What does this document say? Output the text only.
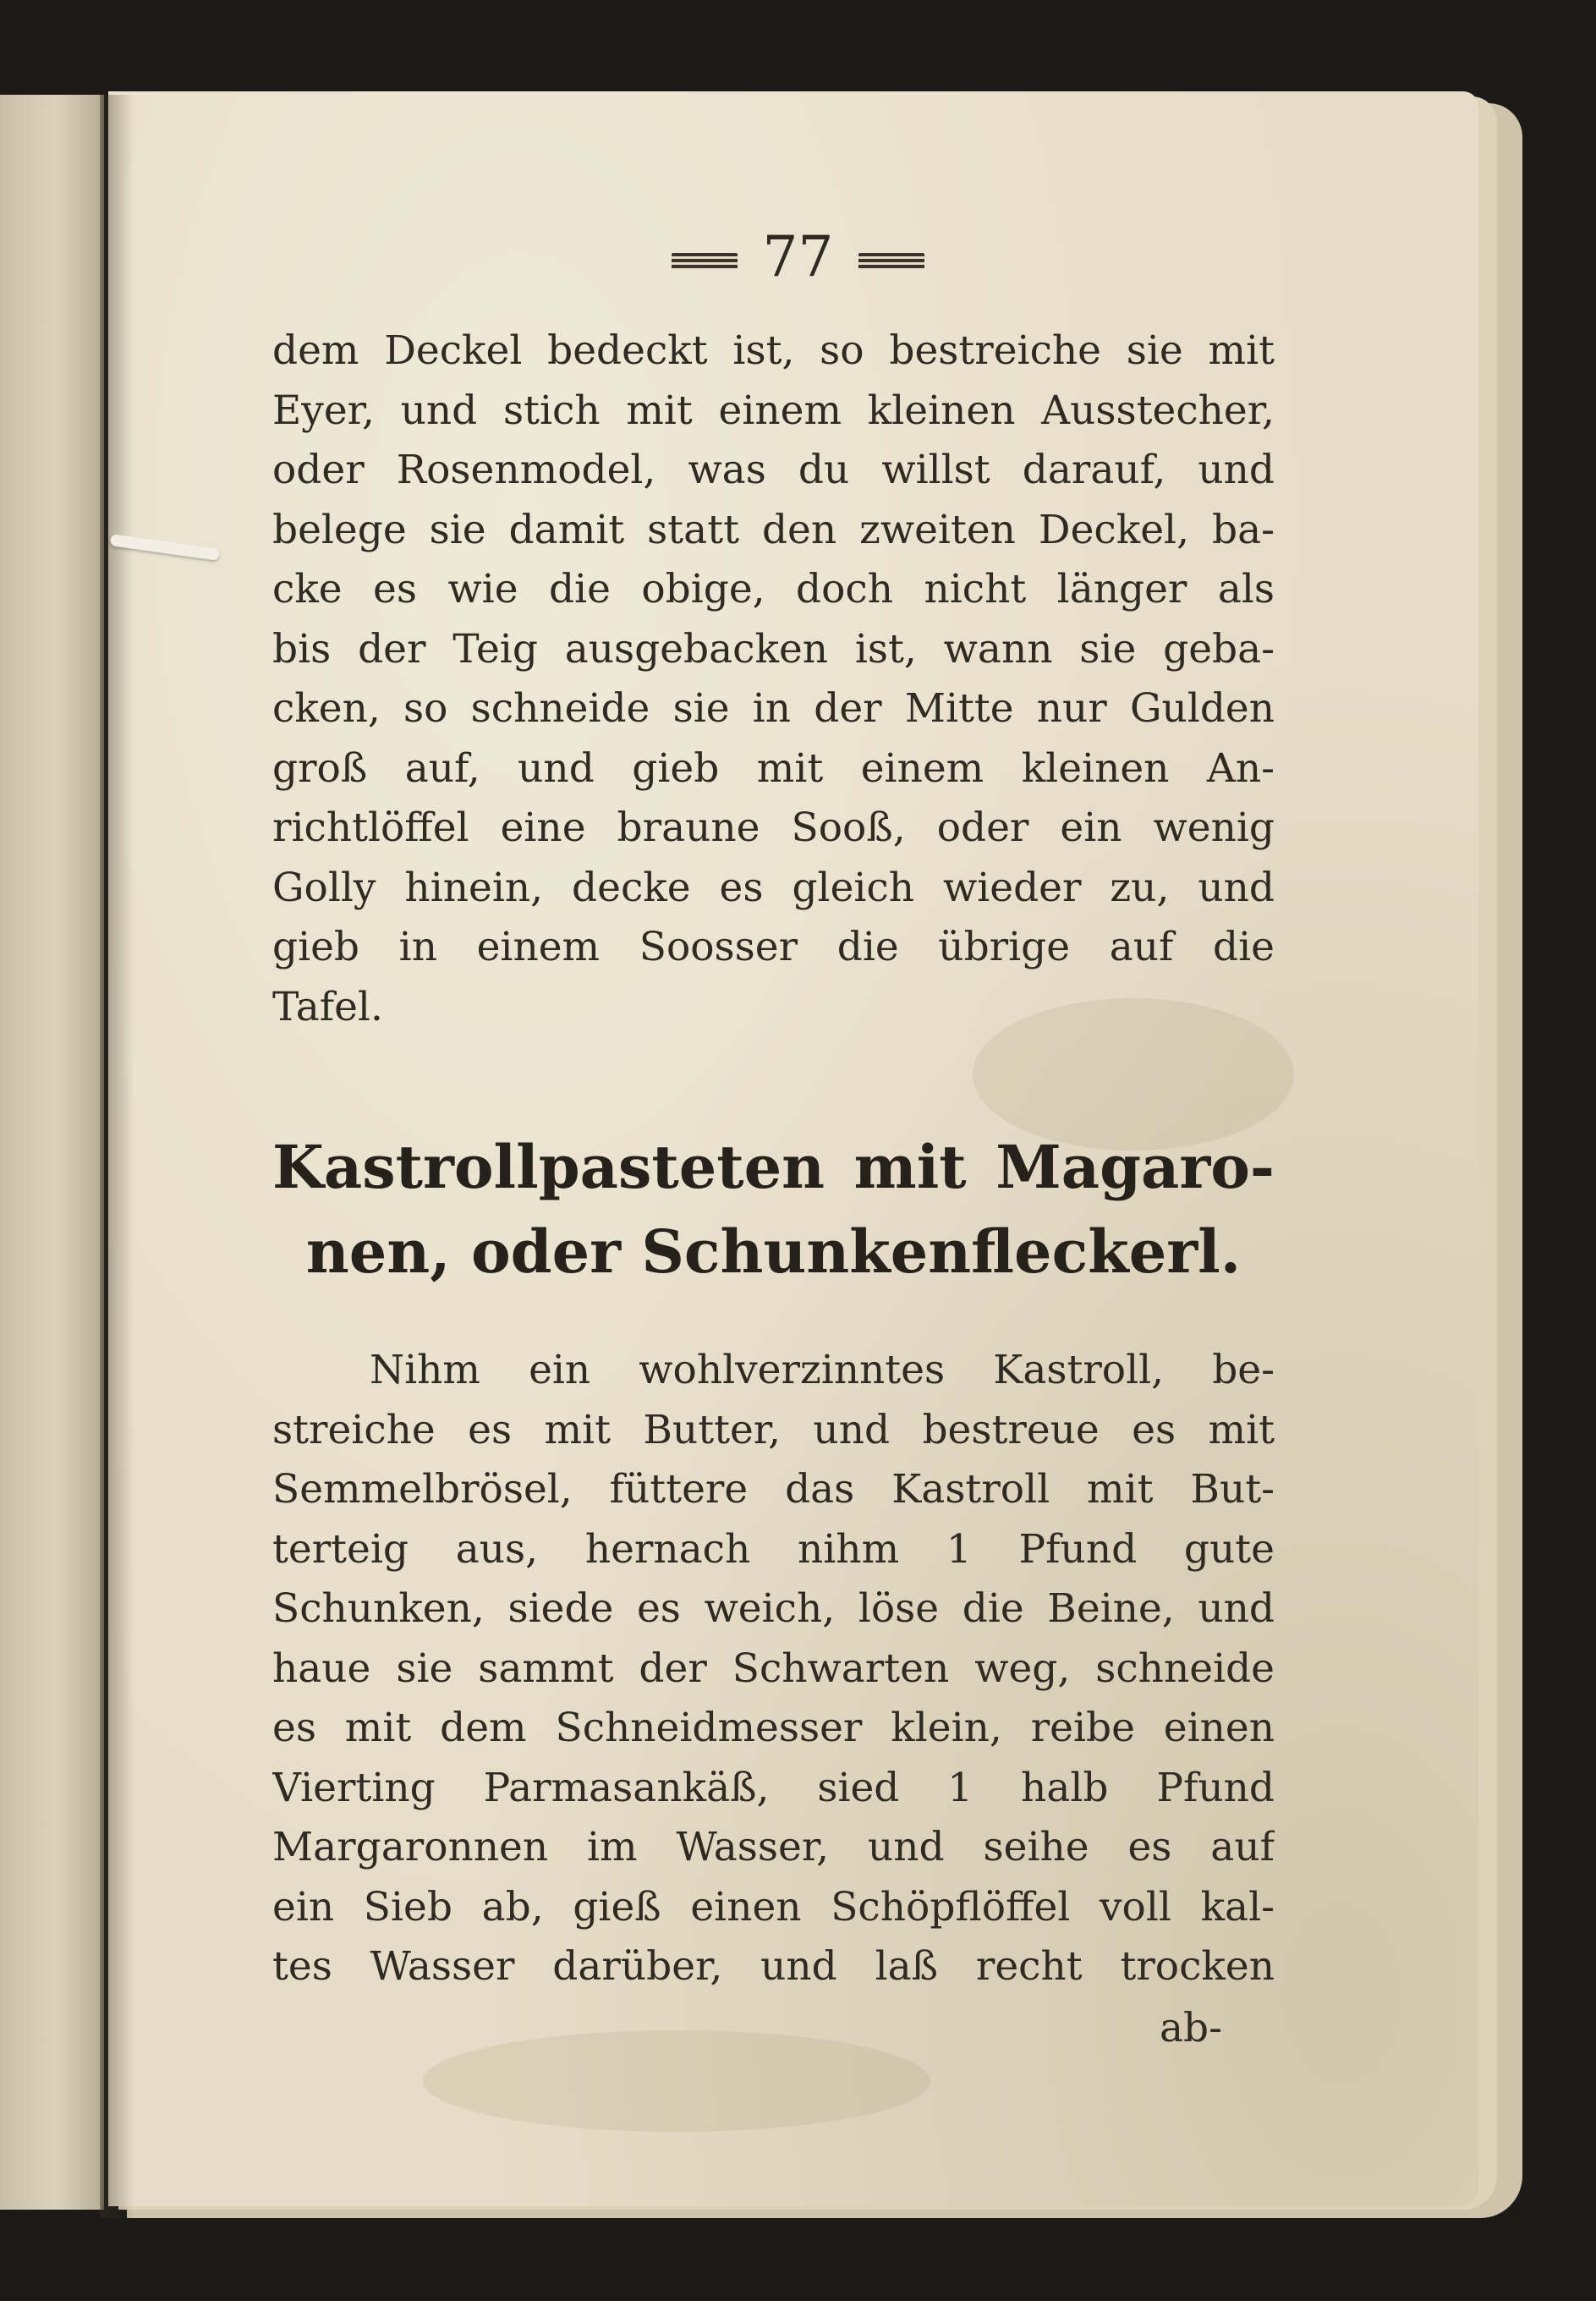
77
dem Deckel bedeckt ist, so bestreiche sie mit
Eyer, und stich mit einem kleinen Ausstecher,
oder Rosenmodel, was du willst darauf, und
belege sie damit statt den zweiten Deckel, ba-
cke es wie die obige, doch nicht länger als
bis der Teig ausgebacken ist, wann sie geba-
cken, so schneide sie in der Mitte nur Gulden
groß auf, und gieb mit einem kleinen An-
richtlöffel eine braune Sooß, oder ein wenig
Golly hinein, decke es gleich wieder zu, und
gieb in einem Soosser die übrige auf die
Tafel.
Kastrollpasteten mit Magaro-
nen, oder Schunkenfleckerl.
Nihm ein wohlverzinntes Kastroll, be-
streiche es mit Butter, und bestreue es mit
Semmelbrösel, füttere das Kastroll mit But-
terteig aus, hernach nihm 1 Pfund gute
Schunken, siede es weich, löse die Beine, und
haue sie sammt der Schwarten weg, schneide
es mit dem Schneidmesser klein, reibe einen
Vierting Parmasankäß, sied 1 halb Pfund
Margaronnen im Wasser, und seihe es auf
ein Sieb ab, gieß einen Schöpflöffel voll kal-
tes Wasser darüber, und laß recht trocken
ab-
